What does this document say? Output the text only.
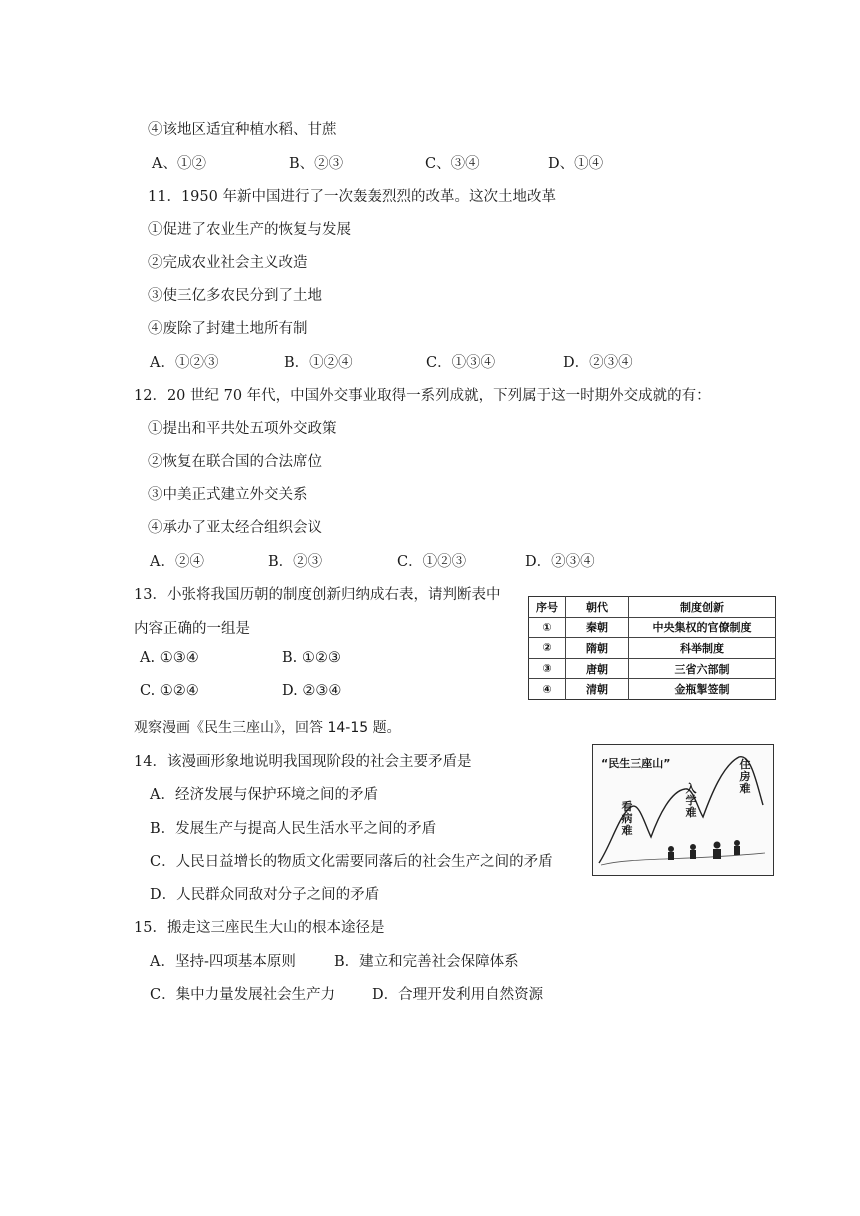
④该地区适宜种植水稻、甘蔗
A、①②	B、②③	C、③④	D、①④
11．1950 年新中国进行了一次轰轰烈烈的改革。这次土地改革
①促进了农业生产的恢复与发展
②完成农业社会主义改造
③使三亿多农民分到了土地
④废除了封建土地所有制
A．①②③	B．①②④	C．①③④	D．②③④
12．20 世纪 70 年代，中国外交事业取得一系列成就，下列属于这一时期外交成就的有：
①提出和平共处五项外交政策
②恢复在联合国的合法席位
③中美正式建立外交关系
④承办了亚太经合组织会议
A．②④	B．②③	C．①②③	D．②③④
13．小张将我国历朝的制度创新归纳成右表，请判断表中
内容正确的一组是
A. ①③④	B. ①②③
C. ①②④	D. ②③④
序号	朝代	制度创新
①	秦朝	中央集权的官僚制度
②	隋朝	科举制度
③	唐朝	三省六部制
④	清朝	金瓶掣签制
观察漫画《民生三座山》，回答 14-15 题。
14．该漫画形象地说明我国现阶段的社会主要矛盾是
A．经济发展与保护环境之间的矛盾
B．发展生产与提高人民生活水平之间的矛盾
C．人民日益增长的物质文化需要同落后的社会生产之间的矛盾
D．人民群众同敌对分子之间的矛盾
“民生三座山”
看病难
入学难
住房难
15．搬走这三座民生大山的根本途径是
A．坚持-四项基本原则	B．建立和完善社会保障体系
C．集中力量发展社会生产力	D．合理开发利用自然资源
